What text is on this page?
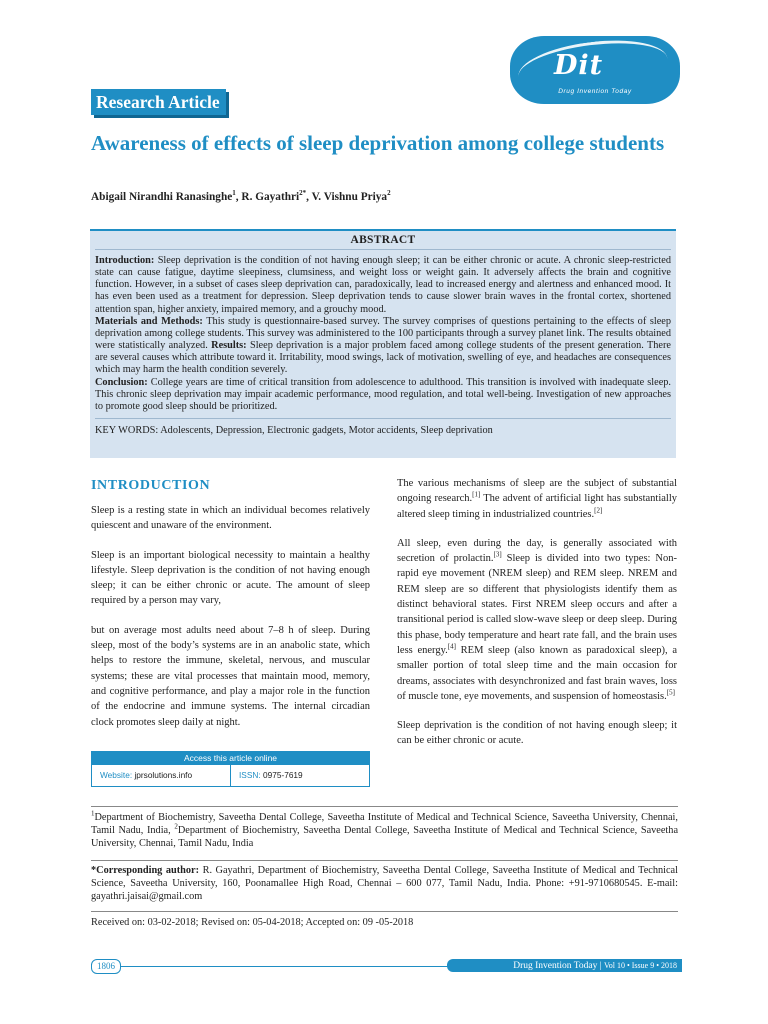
Dit
Drug Invention Today
Research Article
Awareness of effects of sleep deprivation among college students
Abigail Nirandhi Ranasinghe$^1$, R. Gayathri$^{2*}$, V. Vishnu Priya$^2$
ABSTRACT
Introduction: Sleep deprivation is the condition of not having enough sleep; it can be either chronic or acute. A chronic sleep-restricted state can cause fatigue, daytime sleepiness, clumsiness, and weight loss or weight gain. It adversely affects the brain and cognitive function. However, in a subset of cases sleep deprivation can, paradoxically, lead to increased energy and alertness and enhanced mood. It has even been used as a treatment for depression. Sleep deprivation tends to cause slower brain waves in the frontal cortex, shortened attention span, higher anxiety, impaired memory, and a grouchy mood.
Materials and Methods: This study is questionnaire-based survey. The survey comprises of questions pertaining to the effects of sleep deprivation among college students. This survey was administered to the 100 participants through a survey planet link. The results obtained were statistically analyzed. Results: Sleep deprivation is a major problem faced among college students of the present generation. There are several causes which attribute toward it. Irritability, mood swings, lack of motivation, swelling of eye, and headaches are consequences which may harm the health condition severely.
Conclusion: College years are time of critical transition from adolescence to adulthood. This transition is involved with inadequate sleep. This chronic sleep deprivation may impair academic performance, mood regulation, and total well-being. Investigation of new approaches to promote good sleep should be prioritized.
KEY WORDS: Adolescents, Depression, Electronic gadgets, Motor accidents, Sleep deprivation
INTRODUCTION

Sleep is a resting state in which an individual becomes relatively quiescent and unaware of the environment.

Sleep is an important biological necessity to maintain a healthy lifestyle. Sleep deprivation is the condition of not having enough sleep; it can be either chronic or acute. The amount of sleep required by a person may vary,

but on average most adults need about 7–8 h of sleep. During sleep, most of the body’s systems are in an anabolic state, which helps to restore the immune, skeletal, nervous, and muscular systems; these are vital processes that maintain mood, memory, and cognitive performance, and play a major role in the function of the endocrine and immune systems. The internal circadian clock promotes sleep daily at night.

Access this article online
Website: jprsolutions.info	ISSN: 0975-7619

The various mechanisms of sleep are the subject of substantial ongoing research.[1] The advent of artificial light has substantially altered sleep timing in industrialized countries.[2]

All sleep, even during the day, is generally associated with secretion of prolactin.[3] Sleep is divided into two types: Non-rapid eye movement (NREM sleep) and REM sleep. NREM and REM sleep are so different that physiologists identify them as distinct behavioral states. First NREM sleep occurs and after a transitional period is called slow-wave sleep or deep sleep. During this phase, body temperature and heart rate fall, and the brain uses less energy.[4] REM sleep (also known as paradoxical sleep), a smaller portion of total sleep time and the main occasion for dreams, associates with desynchronized and fast brain waves, loss of muscle tone, eye movements, and suspension of homeostasis.[5]

Sleep deprivation is the condition of not having enough sleep; it can be either chronic or acute.

$^1$Department of Biochemistry, Saveetha Dental College, Saveetha Institute of Medical and Technical Science, Saveetha University, Chennai, Tamil Nadu, India, $^2$Department of Biochemistry, Saveetha Dental College, Saveetha Institute of Medical and Technical Science, Saveetha University, Chennai, Tamil Nadu, India
*Corresponding author: R. Gayathri, Department of Biochemistry, Saveetha Dental College, Saveetha Institute of Medical and Technical Science, Saveetha University, 160, Poonamallee High Road, Chennai – 600 077, Tamil Nadu, India. Phone: +91-9710680545. E-mail: gayathri.jaisai@gmail.com
Received on: 03-02-2018; Revised on: 05-04-2018; Accepted on: 09 -05-2018
1806	Drug Invention Today | Vol 10 • Issue 9 • 2018
